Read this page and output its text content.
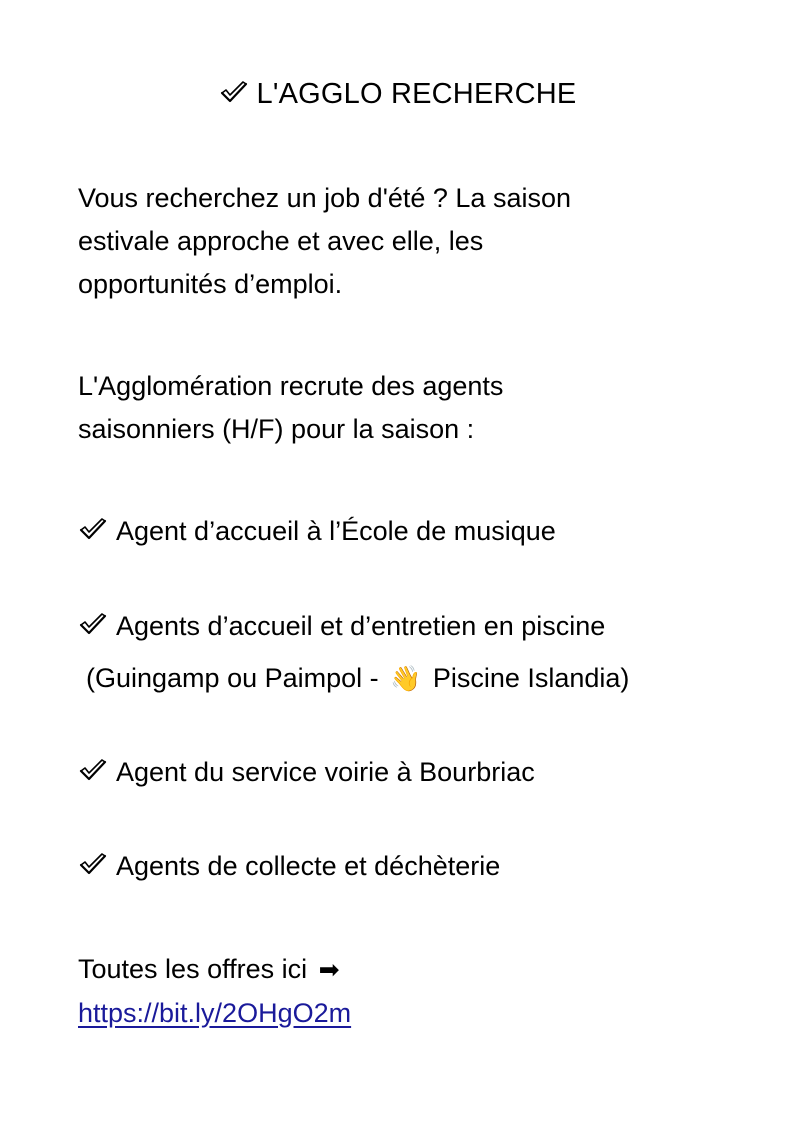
L'AGGLO RECHERCHE
Vous recherchez un job d'été ? La saison
estivale approche et avec elle, les
opportunités d’emploi.
L'Agglomération recrute des agents
saisonniers (H/F) pour la saison :
Agent d’accueil à l’École de musique
Agents d’accueil et d’entretien en piscine
(Guingamp ou Paimpol - 👋 Piscine Islandia)
Agent du service voirie à Bourbriac
Agents de collecte et déchèterie
Toutes les offres ici ➡
https://bit.ly/2OHgO2m
